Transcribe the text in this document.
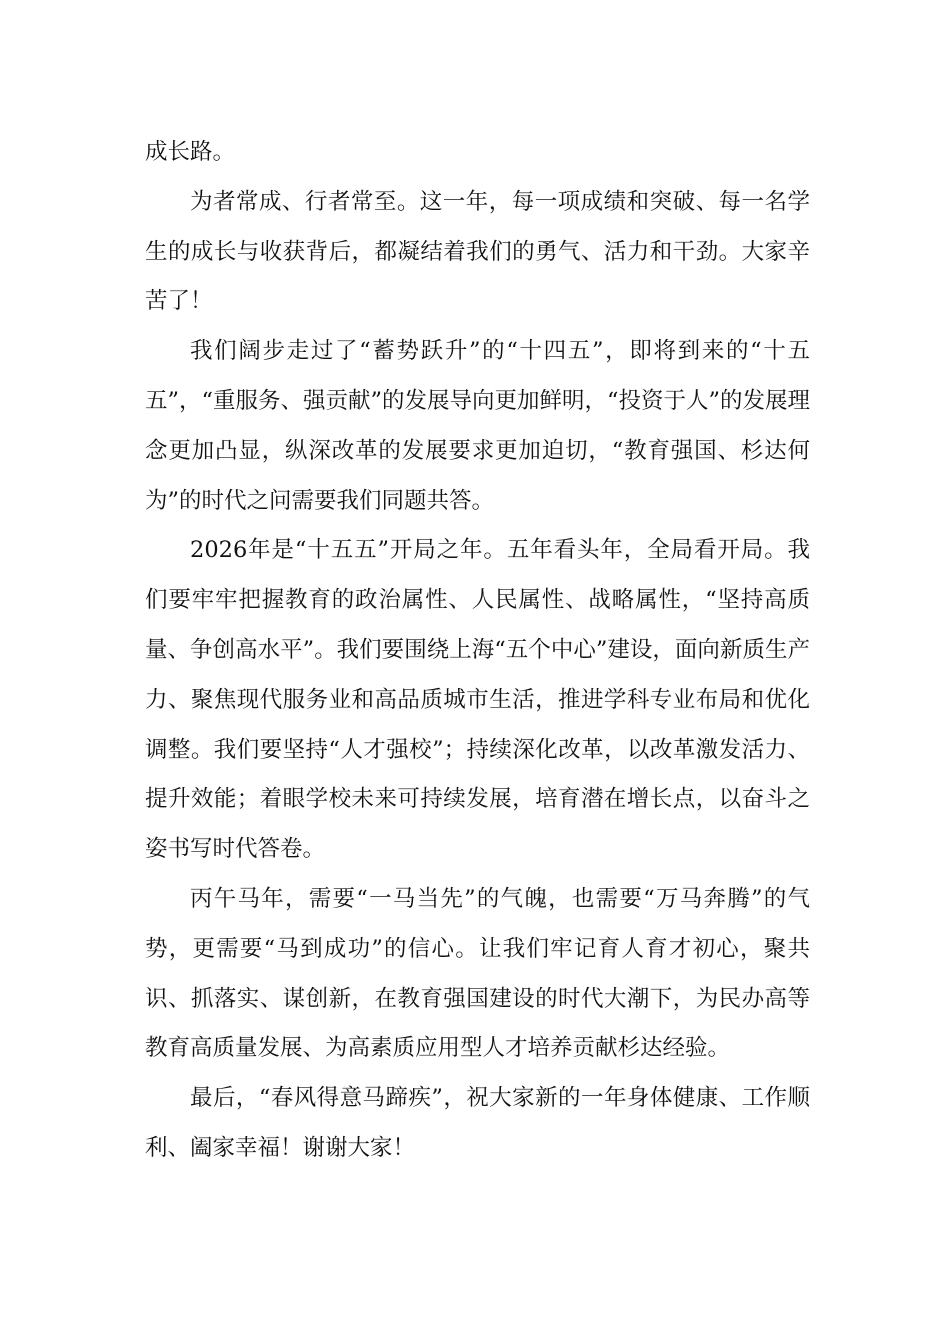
成长路。

为者常成、行者常至。这一年，每一项成绩和突破、每一名学生的成长与收获背后，都凝结着我们的勇气、活力和干劲。大家辛苦了！

我们阔步走过了“蓄势跃升”的“十四五”，即将到来的“十五五”，“重服务、强贡献”的发展导向更加鲜明，“投资于人”的发展理念更加凸显，纵深改革的发展要求更加迫切，“教育强国、杉达何为”的时代之问需要我们同题共答。

2026年是“十五五”开局之年。五年看头年，全局看开局。我们要牢牢把握教育的政治属性、人民属性、战略属性，“坚持高质量、争创高水平”。我们要围绕上海“五个中心”建设，面向新质生产力、聚焦现代服务业和高品质城市生活，推进学科专业布局和优化调整。我们要坚持“人才强校”；持续深化改革，以改革激发活力、提升效能；着眼学校未来可持续发展，培育潜在增长点，以奋斗之姿书写时代答卷。

丙午马年，需要“一马当先”的气魄，也需要“万马奔腾”的气势，更需要“马到成功”的信心。让我们牢记育人育才初心，聚共识、抓落实、谋创新，在教育强国建设的时代大潮下，为民办高等教育高质量发展、为高素质应用型人才培养贡献杉达经验。

最后，“春风得意马蹄疾”，祝大家新的一年身体健康、工作顺利、阖家幸福！谢谢大家！
